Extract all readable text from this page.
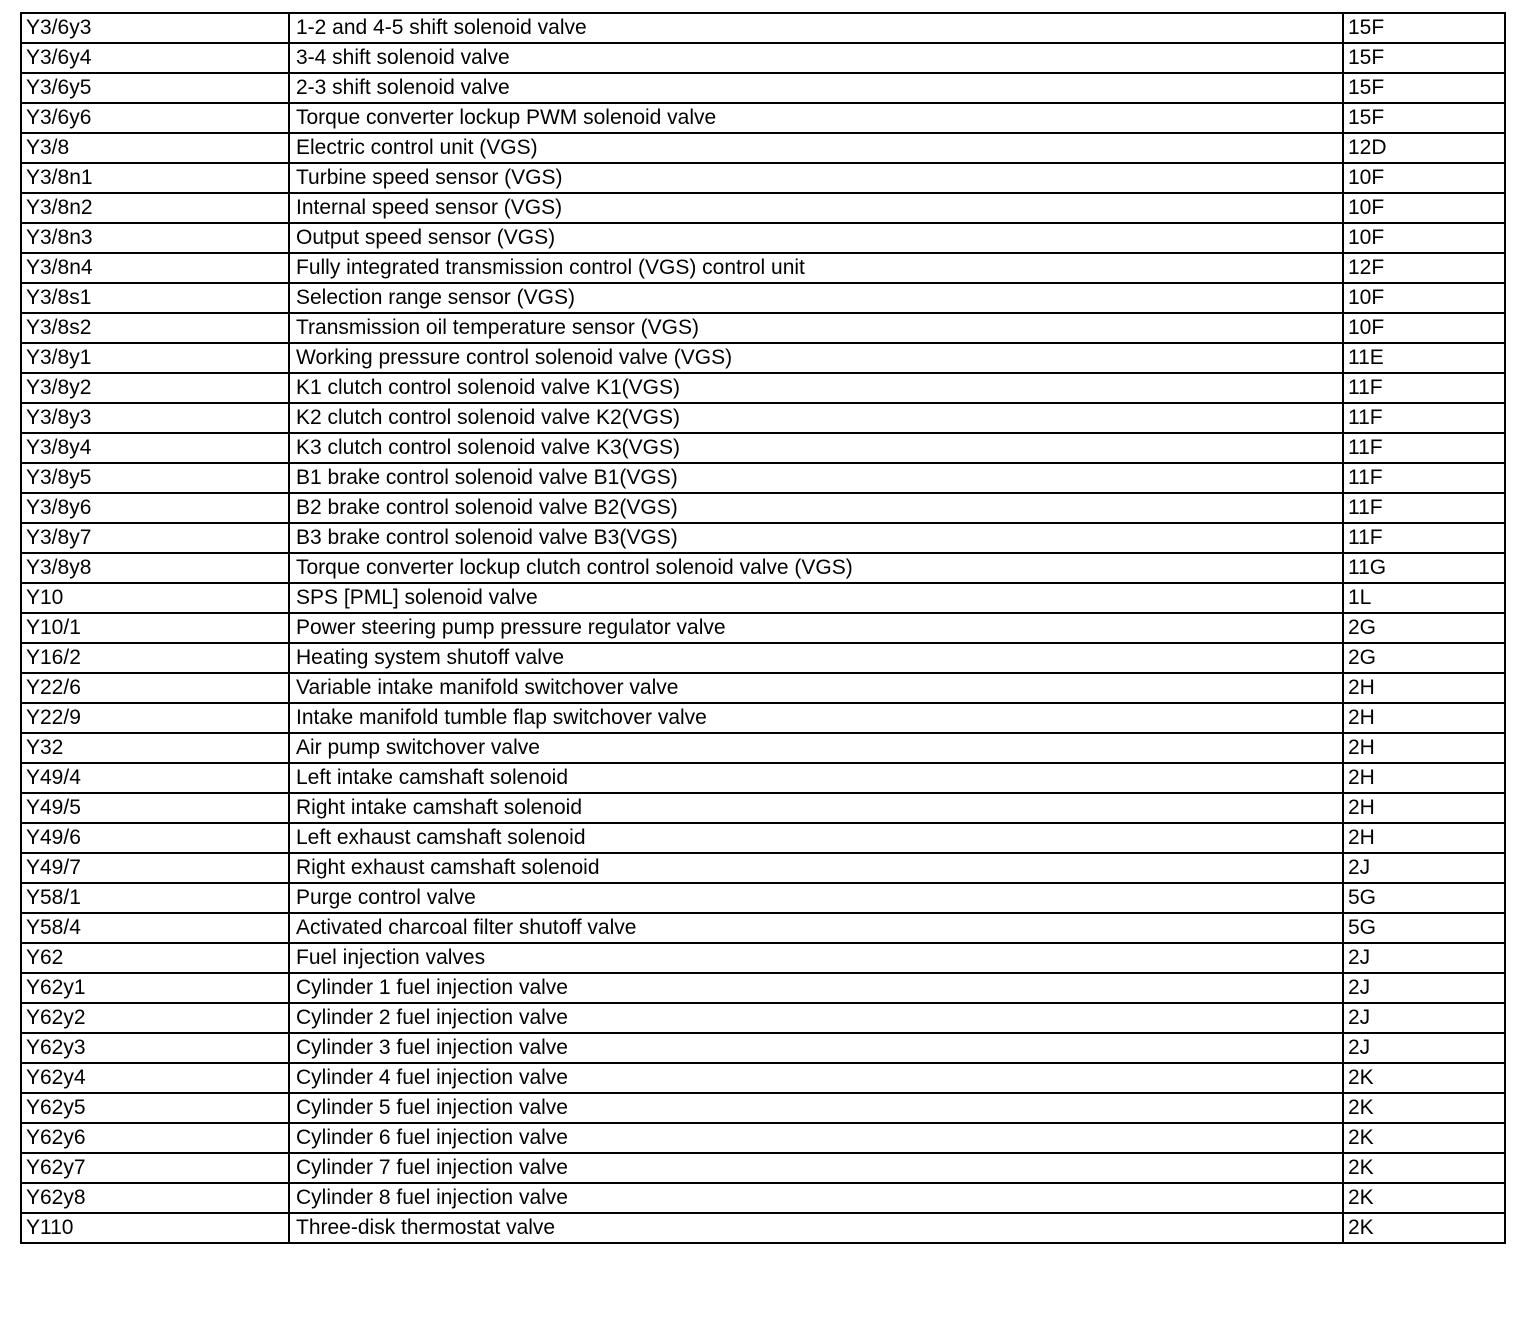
Y3/6y3	1-2 and 4-5 shift solenoid valve	15F
Y3/6y4	3-4 shift solenoid valve	15F
Y3/6y5	2-3 shift solenoid valve	15F
Y3/6y6	Torque converter lockup PWM solenoid valve	15F
Y3/8	Electric control unit (VGS)	12D
Y3/8n1	Turbine speed sensor (VGS)	10F
Y3/8n2	Internal speed sensor (VGS)	10F
Y3/8n3	Output speed sensor (VGS)	10F
Y3/8n4	Fully integrated transmission control (VGS) control unit	12F
Y3/8s1	Selection range sensor (VGS)	10F
Y3/8s2	Transmission oil temperature sensor (VGS)	10F
Y3/8y1	Working pressure control solenoid valve (VGS)	11E
Y3/8y2	K1 clutch control solenoid valve K1(VGS)	11F
Y3/8y3	K2 clutch control solenoid valve K2(VGS)	11F
Y3/8y4	K3 clutch control solenoid valve K3(VGS)	11F
Y3/8y5	B1 brake control solenoid valve B1(VGS)	11F
Y3/8y6	B2 brake control solenoid valve B2(VGS)	11F
Y3/8y7	B3 brake control solenoid valve B3(VGS)	11F
Y3/8y8	Torque converter lockup clutch control solenoid valve (VGS)	11G
Y10	SPS [PML] solenoid valve	1L
Y10/1	Power steering pump pressure regulator valve	2G
Y16/2	Heating system shutoff valve	2G
Y22/6	Variable intake manifold switchover valve	2H
Y22/9	Intake manifold tumble flap switchover valve	2H
Y32	Air pump switchover valve	2H
Y49/4	Left intake camshaft solenoid	2H
Y49/5	Right intake camshaft solenoid	2H
Y49/6	Left exhaust camshaft solenoid	2H
Y49/7	Right exhaust camshaft solenoid	2J
Y58/1	Purge control valve	5G
Y58/4	Activated charcoal filter shutoff valve	5G
Y62	Fuel injection valves	2J
Y62y1	Cylinder 1 fuel injection valve	2J
Y62y2	Cylinder 2 fuel injection valve	2J
Y62y3	Cylinder 3 fuel injection valve	2J
Y62y4	Cylinder 4 fuel injection valve	2K
Y62y5	Cylinder 5 fuel injection valve	2K
Y62y6	Cylinder 6 fuel injection valve	2K
Y62y7	Cylinder 7 fuel injection valve	2K
Y62y8	Cylinder 8 fuel injection valve	2K
Y110	Three-disk thermostat valve	2K
